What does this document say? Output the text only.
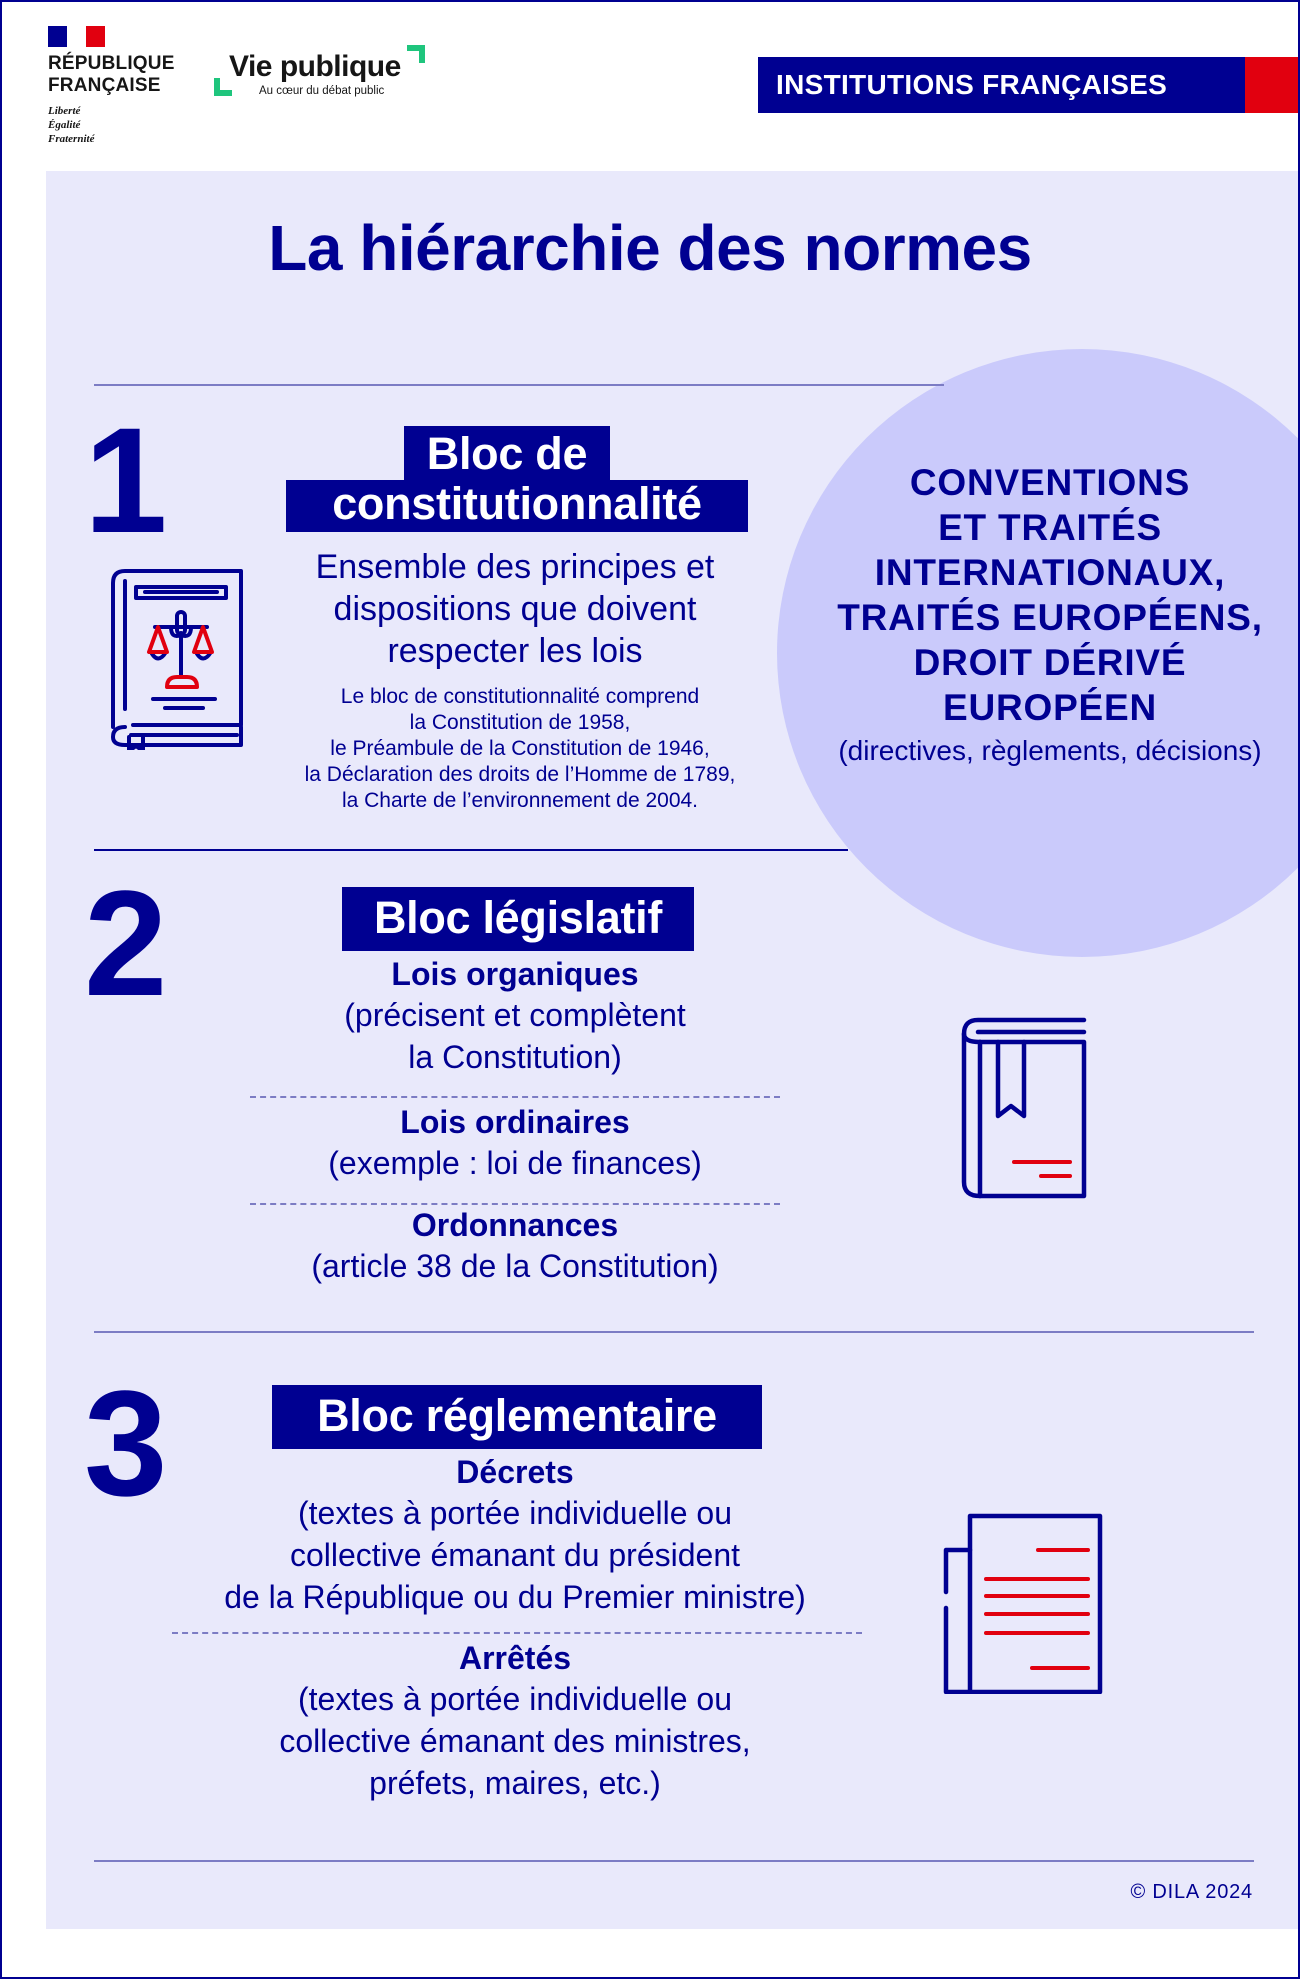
RÉPUBLIQUE
FRANÇAISE
Liberté
Égalité
Fraternité
Vie publique
Au cœur du débat public	INSTITUTIONS FRANÇAISES
La hiérarchie des normes
CONVENTIONS
ET TRAITÉS
INTERNATIONAUX,
TRAITÉS EUROPÉENS,
DROIT DÉRIVÉ
EUROPÉEN
(directives, règlements, décisions)
1	Bloc de
constitutionnalité
Ensemble des principes et
dispositions que doivent
respecter les lois
Le bloc de constitutionnalité comprend
la Constitution de 1958,
le Préambule de la Constitution de 1946,
la Déclaration des droits de l’Homme de 1789,
la Charte de l’environnement de 2004.
2	Bloc législatif
Lois organiques
(précisent et complètent
la Constitution)
Lois ordinaires
(exemple : loi de finances)
Ordonnances
(article 38 de la Constitution)
3	Bloc réglementaire
Décrets
(textes à portée individuelle ou
collective émanant du président
de la République ou du Premier ministre)
Arrêtés
(textes à portée individuelle ou
collective émanant des ministres,
préfets, maires, etc.)
© DILA 2024
